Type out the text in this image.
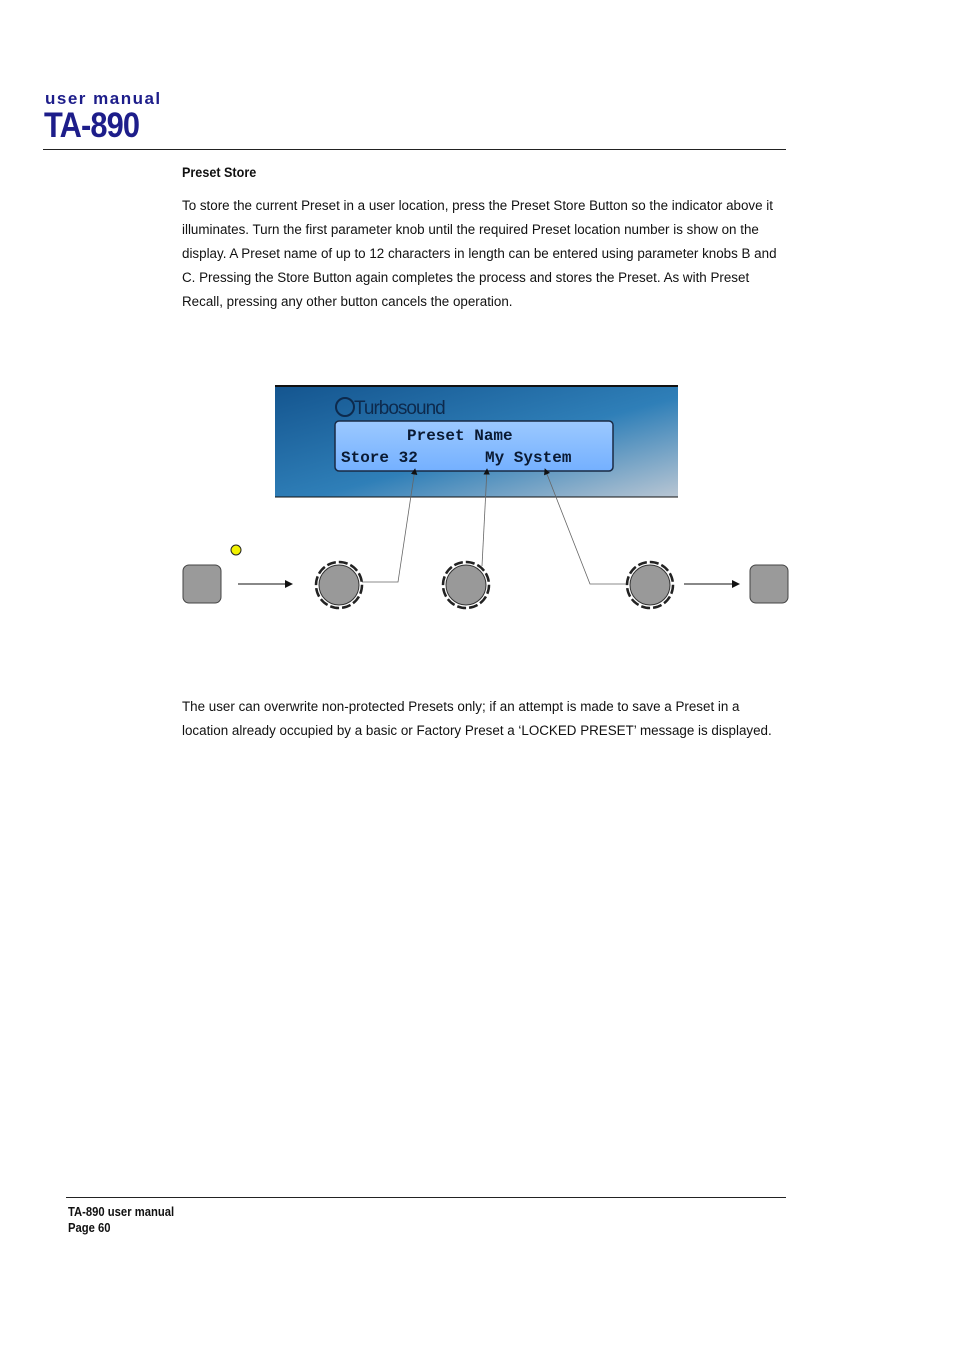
user manual
TA-890
Preset Store
To store the current Preset in a user location, press the Preset Store Button so the indicator above it illuminates. Turn the first parameter knob until the required Preset location number is show on the display. A Preset name of up to 12 characters in length can be entered using parameter knobs B and C. Pressing the Store Button again completes the process and stores the Preset. As with Preset Recall, pressing any other button cancels the operation.
Turbosound
Preset Name
Store 32	My System
The user can overwrite non-protected Presets only; if an attempt is made to save a Preset in a location already occupied by a basic or Factory Preset a ‘LOCKED PRESET’ message is displayed.
TA-890 user manual
Page 60
